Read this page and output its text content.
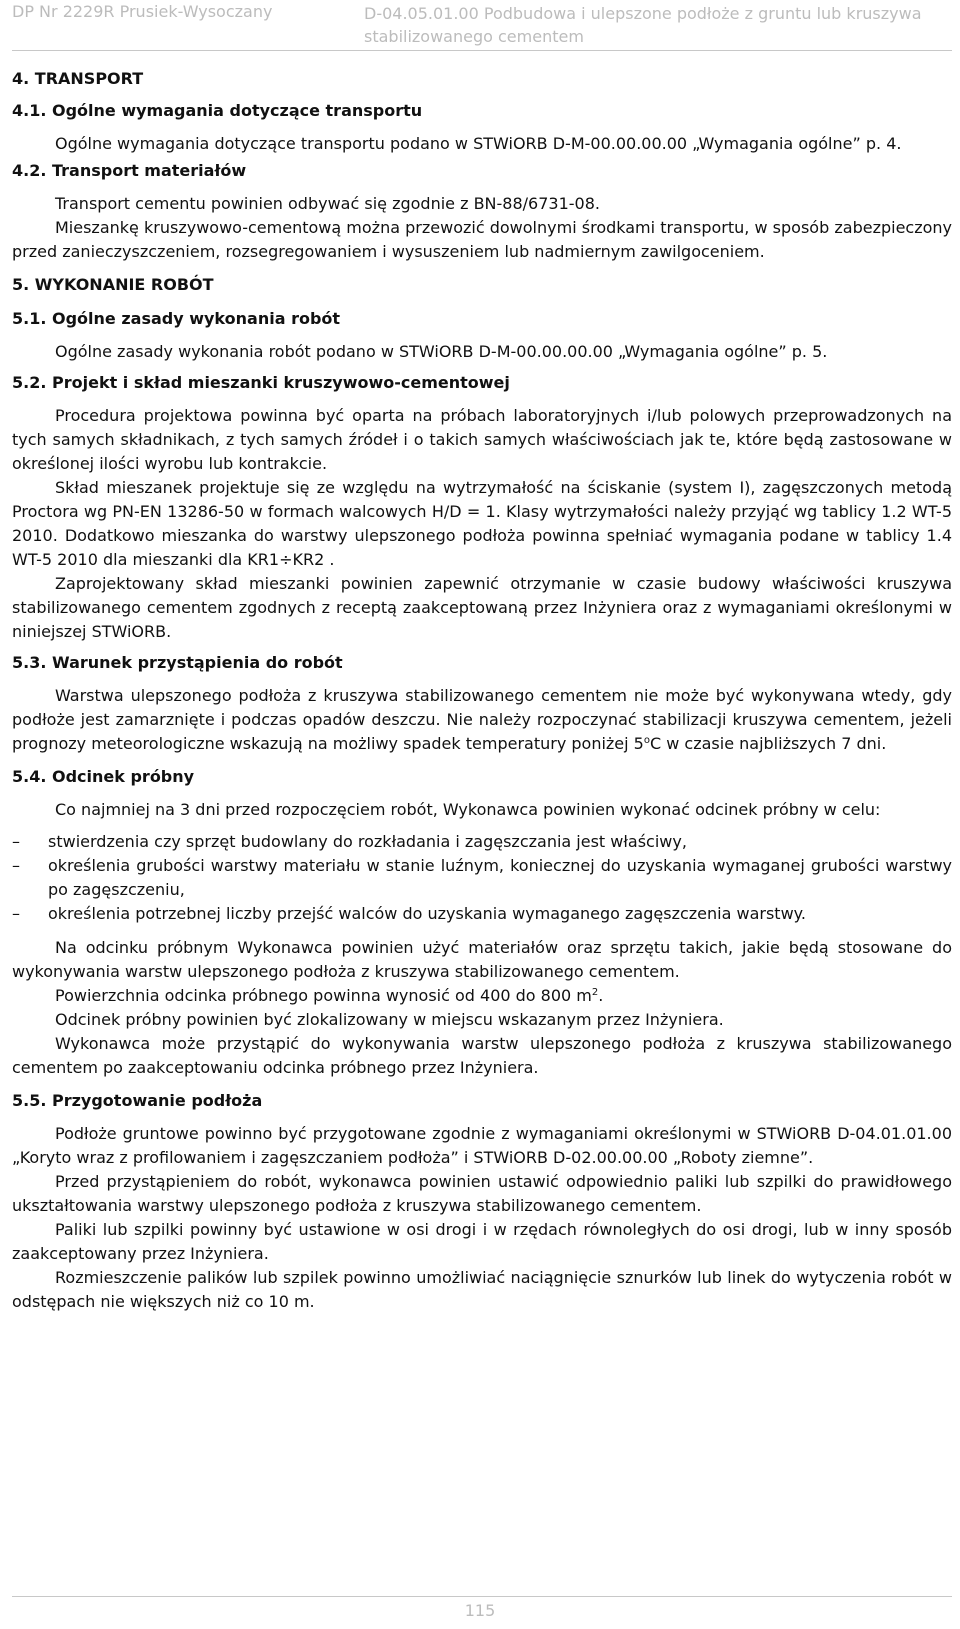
DP Nr 2229R Prusiek-Wysoczany	D-04.05.01.00 Podbudowa i ulepszone podłoże z gruntu lub kruszywa
stabilizowanego cementem
4. TRANSPORT
4.1. Ogólne wymagania dotyczące transportu

Ogólne wymagania dotyczące transportu podano w STWiORB D-M-00.00.00.00 „Wymagania ogólne” p. 4.

4.2. Transport materiałów

Transport cementu powinien odbywać się zgodnie z BN-88/6731-08.

Mieszankę kruszywowo-cementową można przewozić dowolnymi środkami transportu, w sposób zabezpieczony przed zanieczyszczeniem, rozsegregowaniem i wysuszeniem lub nadmiernym zawilgoceniem.

5. WYKONANIE ROBÓT
5.1. Ogólne zasady wykonania robót

Ogólne zasady wykonania robót podano w STWiORB D-M-00.00.00.00 „Wymagania ogólne” p. 5.

5.2. Projekt i skład mieszanki kruszywowo-cementowej

Procedura projektowa powinna być oparta na próbach laboratoryjnych i/lub polowych przeprowadzonych na tych samych składnikach, z tych samych źródeł i o takich samych właściwościach jak te, które będą zastosowane w określonej ilości wyrobu lub kontrakcie.

Skład mieszanek projektuje się ze względu na wytrzymałość na ściskanie (system I), zagęszczonych metodą Proctora wg PN-EN 13286-50 w formach walcowych H/D = 1. Klasy wytrzymałości należy przyjąć wg tablicy 1.2 WT-5 2010. Dodatkowo mieszanka do warstwy ulepszonego podłoża powinna spełniać wymagania podane w tablicy 1.4 WT-5 2010 dla mieszanki dla KR1÷KR2 .

Zaprojektowany skład mieszanki powinien zapewnić otrzymanie w czasie budowy właściwości kruszywa stabilizowanego cementem zgodnych z receptą zaakceptowaną przez Inżyniera oraz z wymaganiami określonymi w niniejszej STWiORB.

5.3. Warunek przystąpienia do robót

Warstwa ulepszonego podłoża z kruszywa stabilizowanego cementem nie może być wykonywana wtedy, gdy podłoże jest zamarznięte i podczas opadów deszczu. Nie należy rozpoczynać stabilizacji kruszywa cementem, jeżeli prognozy meteorologiczne wskazują na możliwy spadek temperatury poniżej 5$^o$C w czasie najbliższych 7 dni.

5.4. Odcinek próbny

Co najmniej na 3 dni przed rozpoczęciem robót, Wykonawca powinien wykonać odcinek próbny w celu:

– stwierdzenia czy sprzęt budowlany do rozkładania i zagęszczania jest właściwy,
– określenia grubości warstwy materiału w stanie luźnym, koniecznej do uzyskania wymaganej grubości warstwy po zagęszczeniu,
– określenia potrzebnej liczby przejść walców do uzyskania wymaganego zagęszczenia warstwy.

Na odcinku próbnym Wykonawca powinien użyć materiałów oraz sprzętu takich, jakie będą stosowane do wykonywania warstw ulepszonego podłoża z kruszywa stabilizowanego cementem.

Powierzchnia odcinka próbnego powinna wynosić od 400 do 800 $m^2$.

Odcinek próbny powinien być zlokalizowany w miejscu wskazanym przez Inżyniera.

Wykonawca może przystąpić do wykonywania warstw ulepszonego podłoża z kruszywa stabilizowanego cementem po zaakceptowaniu odcinka próbnego przez Inżyniera.

5.5. Przygotowanie podłoża

Podłoże gruntowe powinno być przygotowane zgodnie z wymaganiami określonymi w STWiORB D-04.01.01.00 „Koryto wraz z profilowaniem i zagęszczaniem podłoża” i STWiORB D-02.00.00.00 „Roboty ziemne”.

Przed przystąpieniem do robót, wykonawca powinien ustawić odpowiednio paliki lub szpilki do prawidłowego ukształtowania warstwy ulepszonego podłoża z kruszywa stabilizowanego cementem.

Paliki lub szpilki powinny być ustawione w osi drogi i w rzędach równoległych do osi drogi, lub w inny sposób zaakceptowany przez Inżyniera.

Rozmieszczenie palików lub szpilek powinno umożliwiać naciągnięcie sznurków lub linek do wytyczenia robót w odstępach nie większych niż co 10 m.

115
